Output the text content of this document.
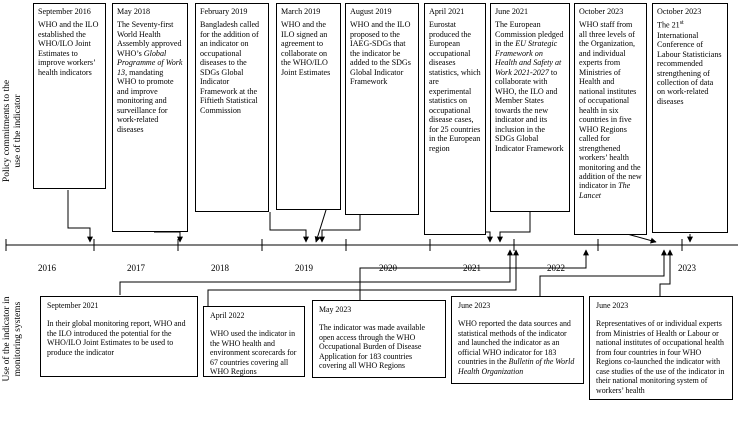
Policy commitments to the
use of the indicator
Use of the indicator in
monitoring systems
September 2016
WHO and the ILO established the WHO/ILO Joint Estimates to improve workers’ health indicators
May 2018
The Seventy-first World Health Assembly approved WHO’s Global Programme of Work 13, mandating WHO to promote and improve monitoring and surveillance for work-related diseases
February 2019
Bangladesh called for the addition of an indicator on occupational diseases to the SDGs Global Indicator Framework at the Fiftieth Statistical Commission
March 2019
WHO and the ILO signed an agreement to collaborate on the WHO/ILO Joint Estimates
August 2019
WHO and the ILO proposed to the IAEG-SDGs that the indicator be added to the SDGs Global Indicator Framework
April 2021
Eurostat produced the European occupational diseases statistics, which are experimental statistics on occupational disease cases, for 25 countries in the European region
June 2021
The European Commission pledged in the EU Strategic Framework on Health and Safety at Work 2021-2027 to collaborate with WHO, the ILO and Member States towards the new indicator and its inclusion in the SDGs Global Indicator Framework
October 2023
WHO staff from all three levels of the Organization, and individual experts from Ministries of Health and national institutes of occupational health in six countries in five WHO Regions called for strengthened workers’ health monitoring and the addition of the new indicator in The Lancet
October 2023
The 21st International Conference of Labour Statisticians recommended strengthening of collection of data on work-related diseases
2016	2017	2018	2019	2020	2021	2022	2023
September 2021
In their global monitoring report, WHO and the ILO introduced the potential for the WHO/ILO Joint Estimates to be used to produce the indicator
April 2022
WHO used the indicator in the WHO health and environment scorecards for 67 countries covering all WHO Regions
May 2023
The indicator was made available open access through the WHO Occupational Burden of Disease Application for 183 countries covering all WHO Regions
June 2023
WHO reported the data sources and statistical methods of the indicator and launched the indicator as an official WHO indicator for 183 countries in the Bulletin of the World Health Organization
June 2023
Representatives of or individual experts from Ministries of Health or Labour or national institutes of occupational health from four countries in four WHO Regions co-launched the indicator with case studies of the use of the indicator in their national monitoring system of workers’ health
